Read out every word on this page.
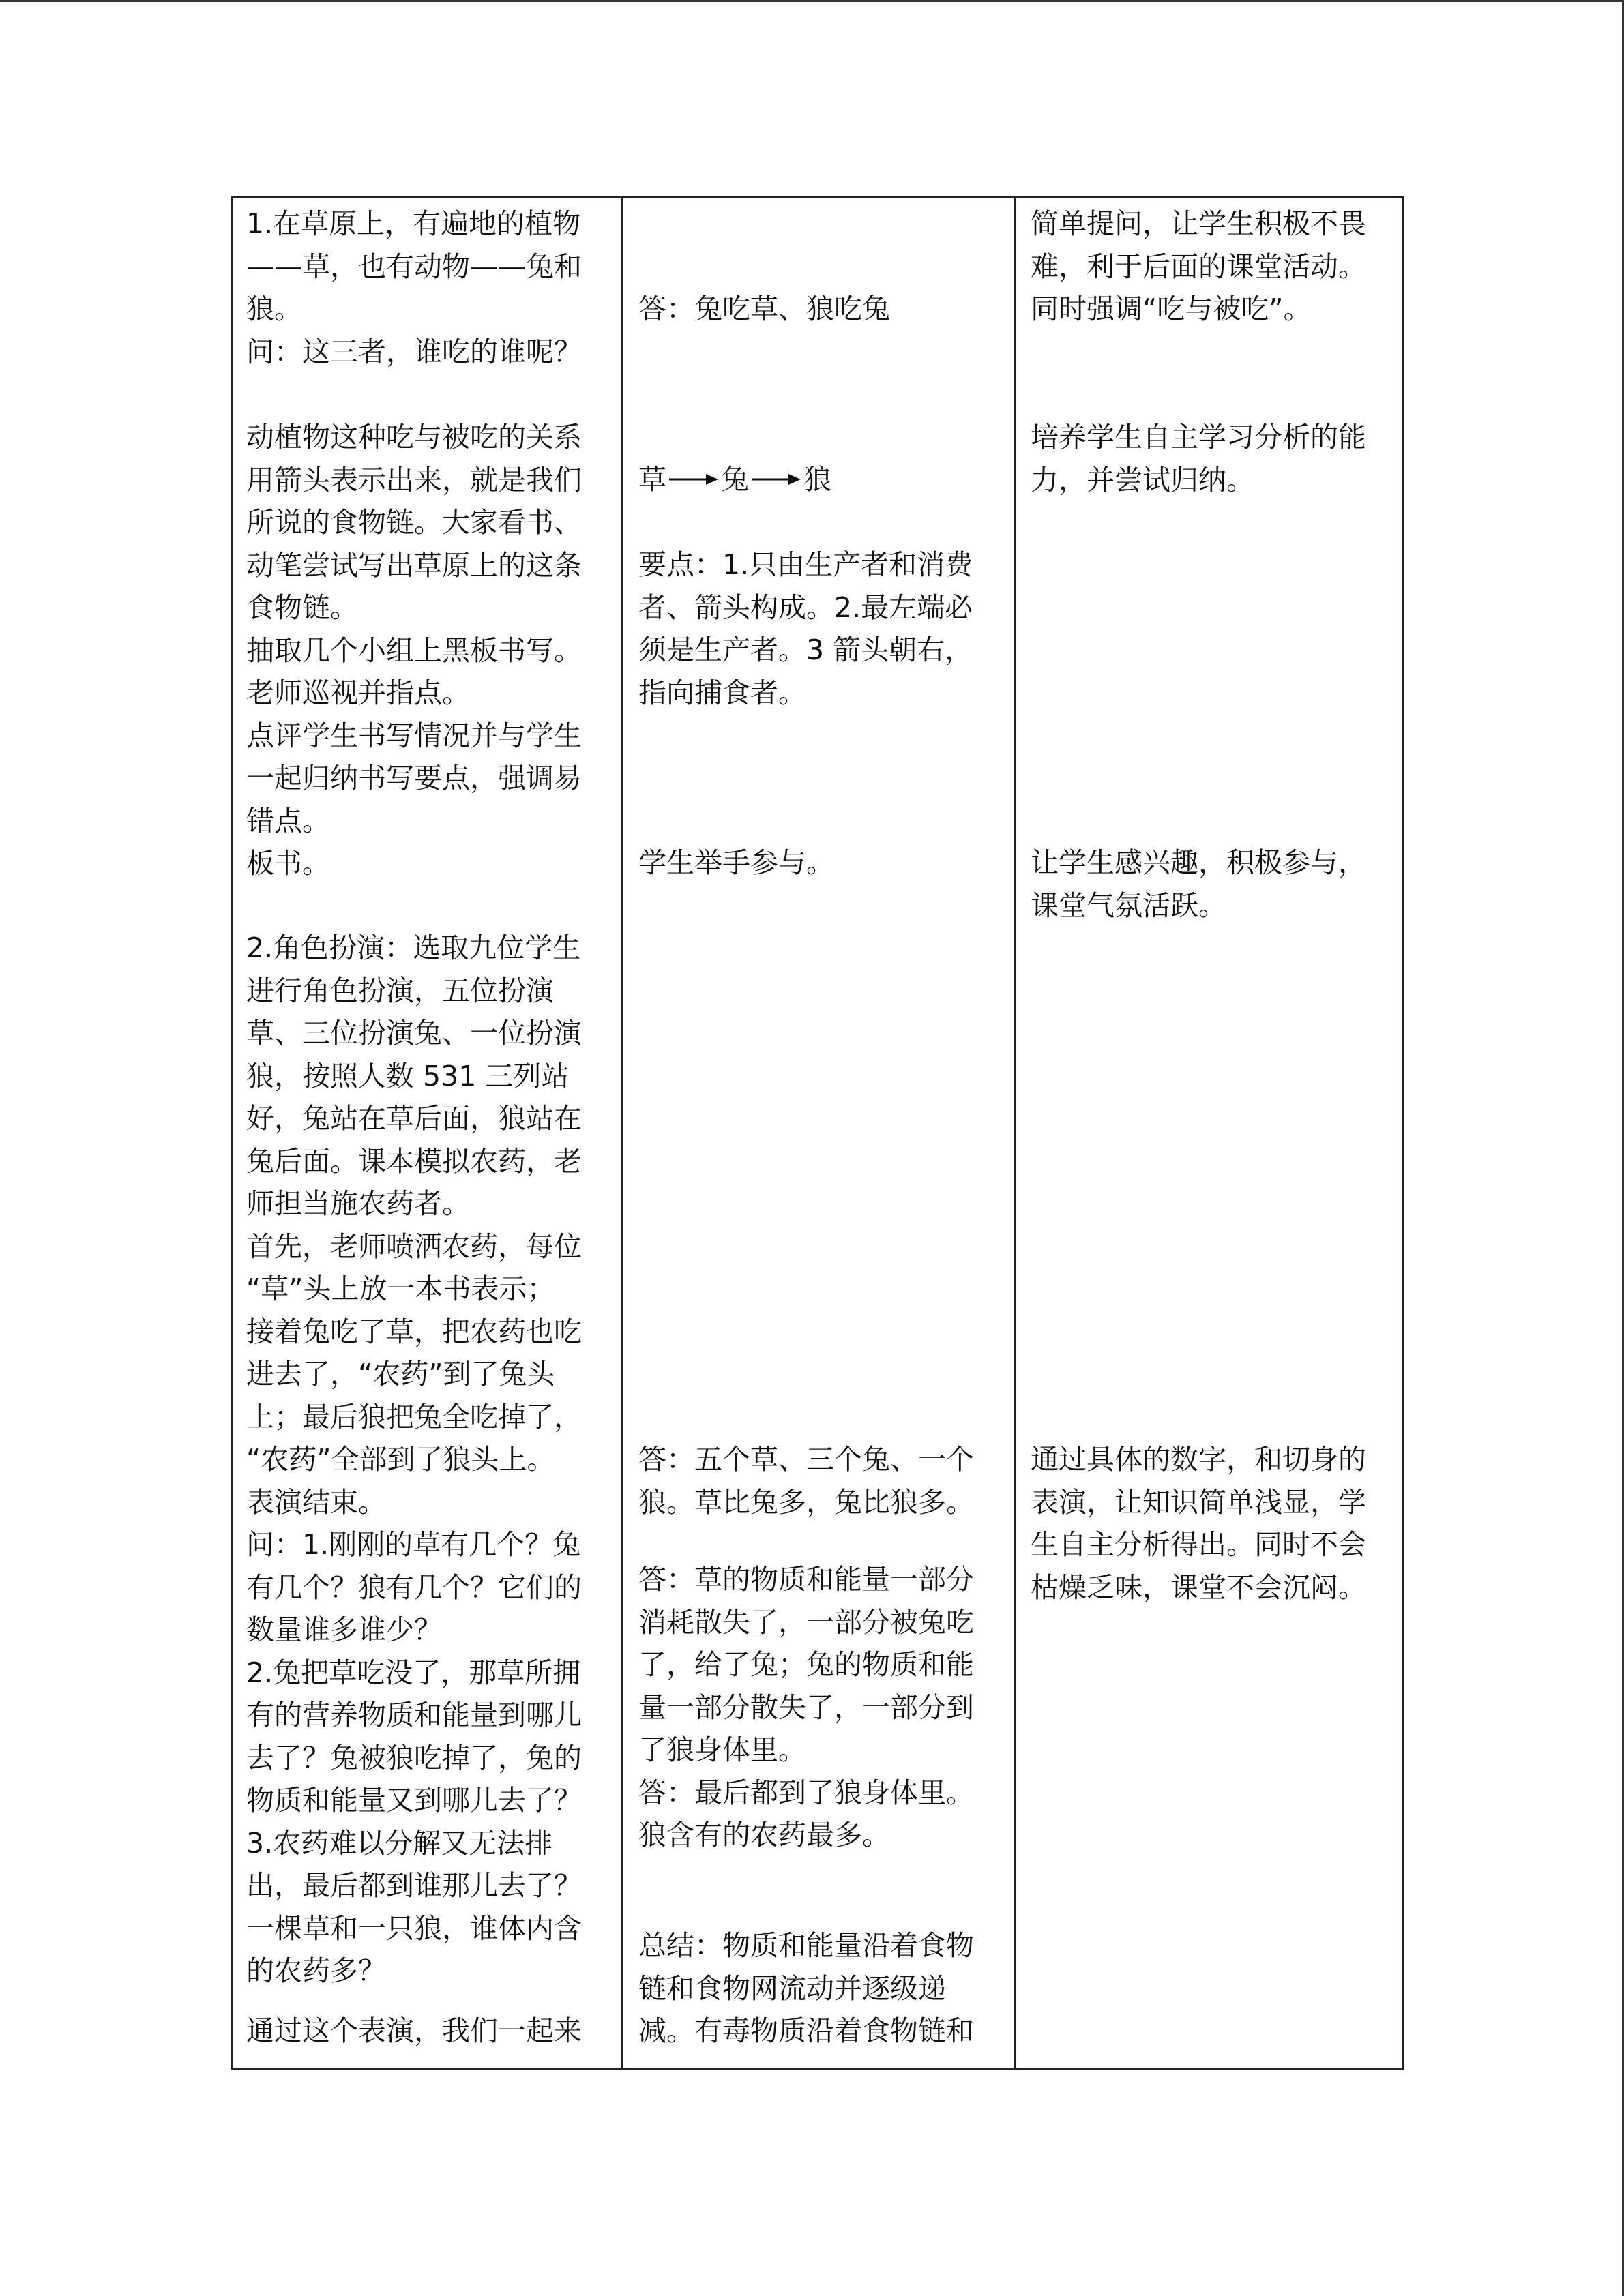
1.在草原上，有遍地的植物
——草，也有动物——兔和
狼。
问：这三者，谁吃的谁呢？
动植物这种吃与被吃的关系
用箭头表示出来，就是我们
所说的食物链。大家看书、
动笔尝试写出草原上的这条
食物链。
抽取几个小组上黑板书写。
老师巡视并指点。
点评学生书写情况并与学生
一起归纳书写要点，强调易
错点。
板书。
2.角色扮演：选取九位学生
进行角色扮演，五位扮演
草、三位扮演兔、一位扮演
狼，按照人数 531 三列站
好，兔站在草后面，狼站在
兔后面。课本模拟农药，老
师担当施农药者。
首先，老师喷洒农药，每位
“草”头上放一本书表示；
接着兔吃了草，把农药也吃
进去了，“农药”到了兔头
上；最后狼把兔全吃掉了，
“农药”全部到了狼头上。
表演结束。
问：1.刚刚的草有几个？兔
有几个？狼有几个？它们的
数量谁多谁少？
2.兔把草吃没了，那草所拥
有的营养物质和能量到哪儿
去了？兔被狼吃掉了，兔的
物质和能量又到哪儿去了？
3.农药难以分解又无法排
出，最后都到谁那儿去了？
一棵草和一只狼，谁体内含
的农药多？
通过这个表演，我们一起来
答：兔吃草、狼吃兔
草 兔 狼
要点：1.只由生产者和消费
者、箭头构成。2.最左端必
须是生产者。3 箭头朝右，
指向捕食者。
学生举手参与。
答：五个草、三个兔、一个
狼。草比兔多，兔比狼多。
答：草的物质和能量一部分
消耗散失了，一部分被兔吃
了，给了兔；兔的物质和能
量一部分散失了，一部分到
了狼身体里。
答：最后都到了狼身体里。
狼含有的农药最多。
总结：物质和能量沿着食物
链和食物网流动并逐级递
减。有毒物质沿着食物链和
简单提问，让学生积极不畏
难，利于后面的课堂活动。
同时强调“吃与被吃”。
培养学生自主学习分析的能
力，并尝试归纳。
让学生感兴趣，积极参与，
课堂气氛活跃。
通过具体的数字，和切身的
表演，让知识简单浅显，学
生自主分析得出。同时不会
枯燥乏味，课堂不会沉闷。
